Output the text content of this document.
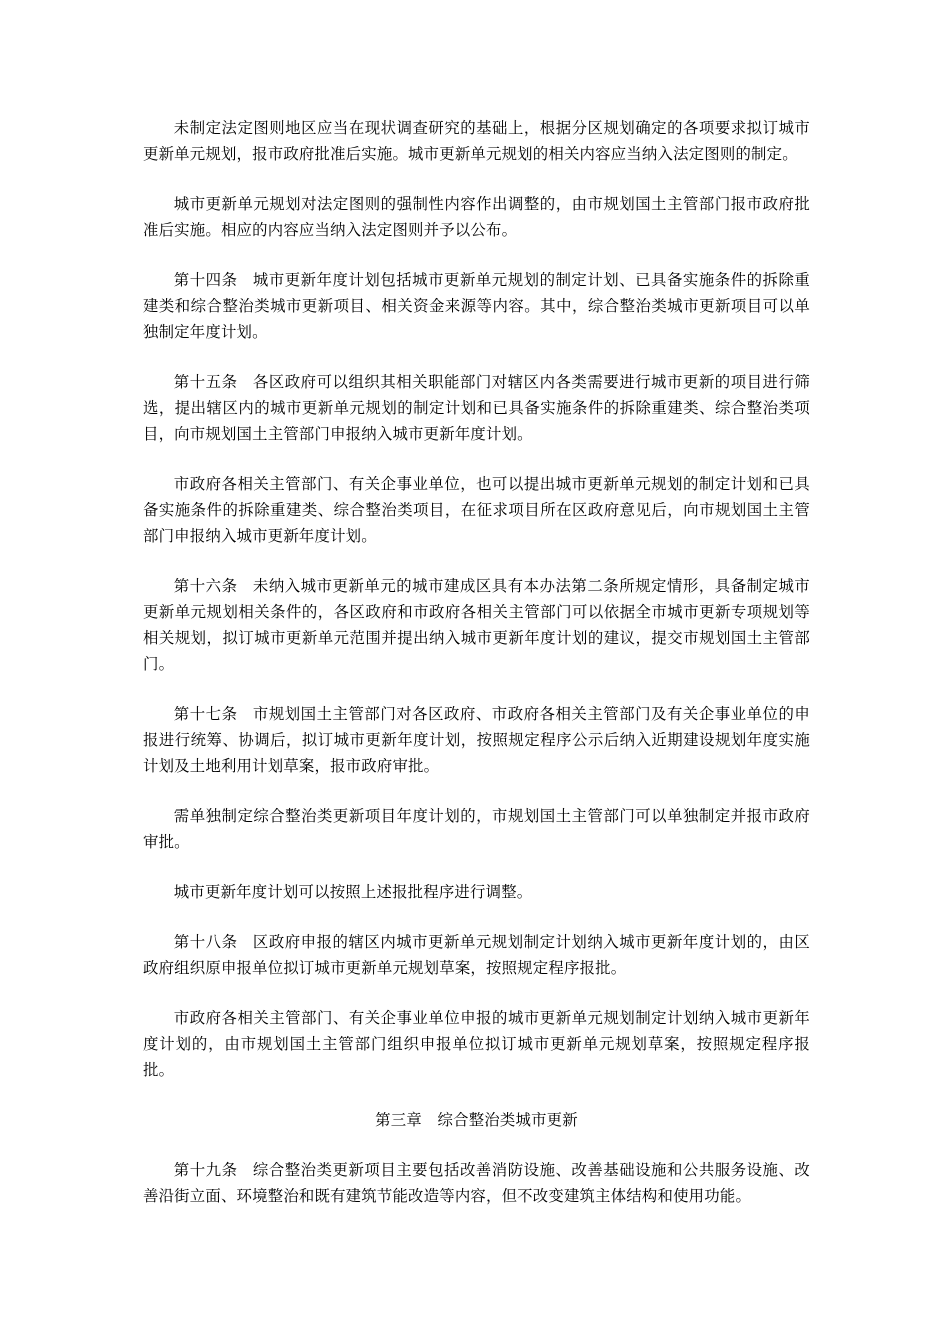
未制定法定图则地区应当在现状调查研究的基础上，根据分区规划确定的各项要求拟订城市更新单元规划，报市政府批准后实施。城市更新单元规划的相关内容应当纳入法定图则的制定。

城市更新单元规划对法定图则的强制性内容作出调整的，由市规划国土主管部门报市政府批准后实施。相应的内容应当纳入法定图则并予以公布。

第十四条 城市更新年度计划包括城市更新单元规划的制定计划、已具备实施条件的拆除重建类和综合整治类城市更新项目、相关资金来源等内容。其中，综合整治类城市更新项目可以单独制定年度计划。

第十五条 各区政府可以组织其相关职能部门对辖区内各类需要进行城市更新的项目进行筛选，提出辖区内的城市更新单元规划的制定计划和已具备实施条件的拆除重建类、综合整治类项目，向市规划国土主管部门申报纳入城市更新年度计划。

市政府各相关主管部门、有关企事业单位，也可以提出城市更新单元规划的制定计划和已具备实施条件的拆除重建类、综合整治类项目，在征求项目所在区政府意见后，向市规划国土主管部门申报纳入城市更新年度计划。

第十六条 未纳入城市更新单元的城市建成区具有本办法第二条所规定情形，具备制定城市更新单元规划相关条件的，各区政府和市政府各相关主管部门可以依据全市城市更新专项规划等相关规划，拟订城市更新单元范围并提出纳入城市更新年度计划的建议，提交市规划国土主管部门。

第十七条 市规划国土主管部门对各区政府、市政府各相关主管部门及有关企事业单位的申报进行统筹、协调后，拟订城市更新年度计划，按照规定程序公示后纳入近期建设规划年度实施计划及土地利用计划草案，报市政府审批。

需单独制定综合整治类更新项目年度计划的，市规划国土主管部门可以单独制定并报市政府审批。

城市更新年度计划可以按照上述报批程序进行调整。

第十八条 区政府申报的辖区内城市更新单元规划制定计划纳入城市更新年度计划的，由区政府组织原申报单位拟订城市更新单元规划草案，按照规定程序报批。

市政府各相关主管部门、有关企事业单位申报的城市更新单元规划制定计划纳入城市更新年度计划的，由市规划国土主管部门组织申报单位拟订城市更新单元规划草案，按照规定程序报批。

第三章　综合整治类城市更新

第十九条 综合整治类更新项目主要包括改善消防设施、改善基础设施和公共服务设施、改善沿街立面、环境整治和既有建筑节能改造等内容，但不改变建筑主体结构和使用功能。
